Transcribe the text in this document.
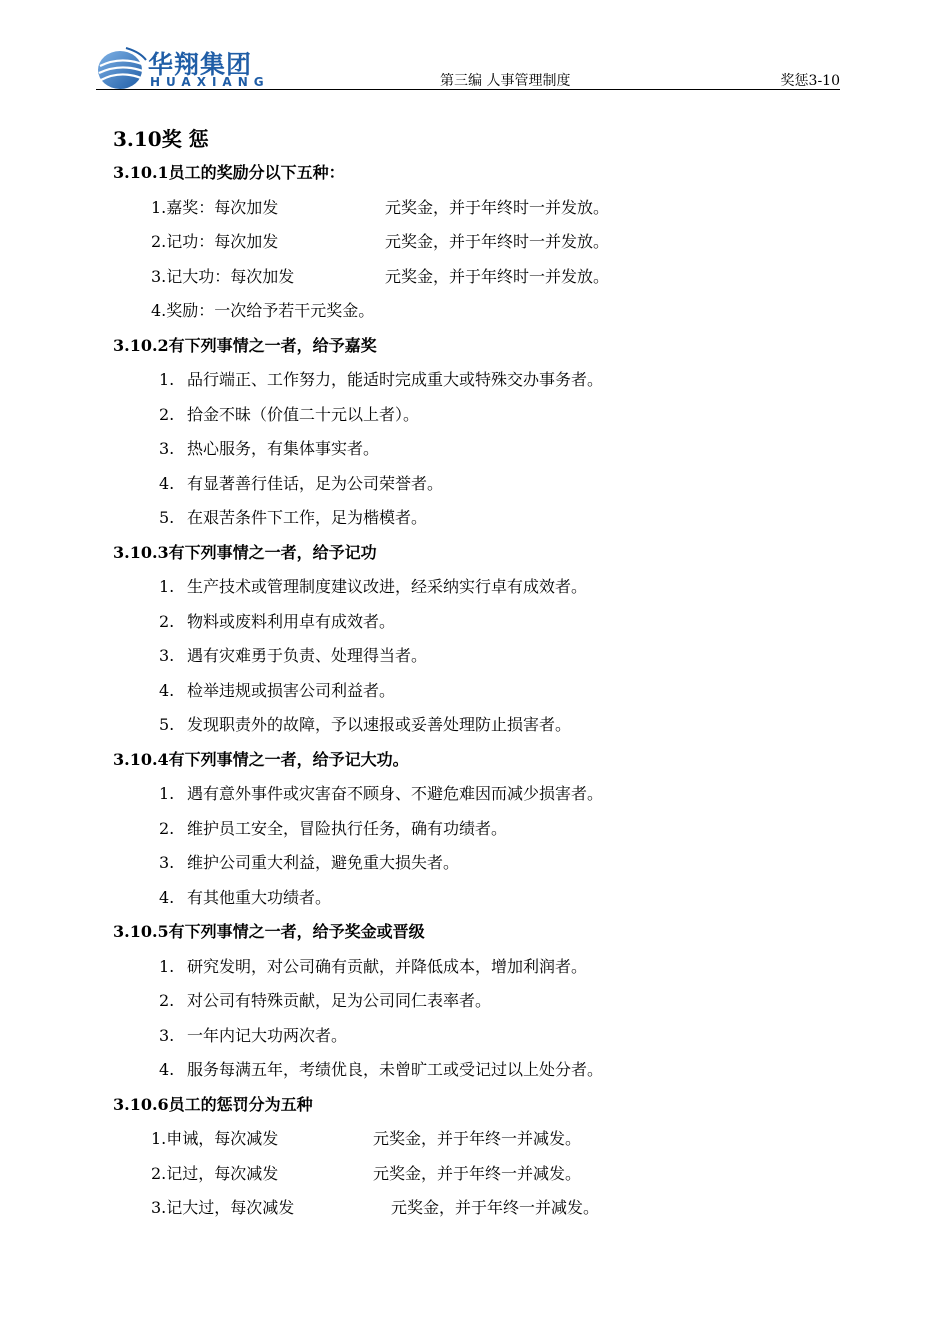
华翔集团
HUAXIANG	第三编 人事管理制度	奖惩3-10
3.10奖 惩
3.10.1员工的奖励分以下五种：
1.嘉奖：每次加发	元奖金，并于年终时一并发放。
2.记功：每次加发	元奖金，并于年终时一并发放。
3.记大功：每次加发	元奖金，并于年终时一并发放。
4.奖励：一次给予若干元奖金。
3.10.2有下列事情之一者，给予嘉奖
1. 品行端正、工作努力，能适时完成重大或特殊交办事务者。
2. 拾金不昧（价值二十元以上者）。
3. 热心服务，有集体事实者。
4. 有显著善行佳话，足为公司荣誉者。
5. 在艰苦条件下工作，足为楷模者。
3.10.3有下列事情之一者，给予记功
1. 生产技术或管理制度建议改进，经采纳实行卓有成效者。
2. 物料或废料利用卓有成效者。
3. 遇有灾难勇于负责、处理得当者。
4. 检举违规或损害公司利益者。
5. 发现职责外的故障，予以速报或妥善处理防止损害者。
3.10.4有下列事情之一者，给予记大功。
1. 遇有意外事件或灾害奋不顾身、不避危难因而减少损害者。
2. 维护员工安全，冒险执行任务，确有功绩者。
3. 维护公司重大利益，避免重大损失者。
4. 有其他重大功绩者。
3.10.5有下列事情之一者，给予奖金或晋级
1. 研究发明，对公司确有贡献，并降低成本，增加利润者。
2. 对公司有特殊贡献，足为公司同仁表率者。
3. 一年内记大功两次者。
4. 服务每满五年，考绩优良，未曾旷工或受记过以上处分者。
3.10.6员工的惩罚分为五种
1.申诫，每次减发	元奖金，并于年终一并减发。
2.记过，每次减发	元奖金，并于年终一并减发。
3.记大过，每次减发	元奖金，并于年终一并减发。
